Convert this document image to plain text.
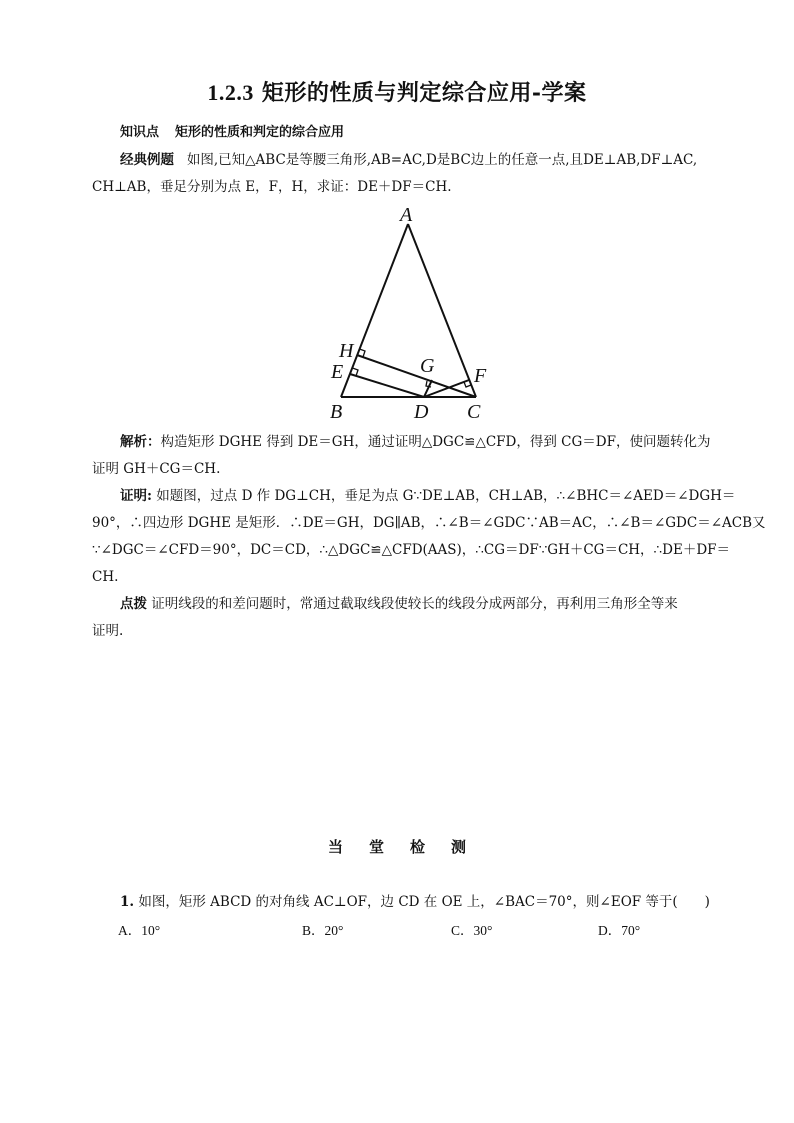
1.2.3 矩形的性质与判定综合应用-学案
知识点 矩形的性质和判定的综合应用
经典例题 如图,已知△ABC是等腰三角形,AB=AC,D是BC边上的任意一点,且DE⊥AB,DF⊥AC,
CH⊥AB，垂足分别为点 E，F，H，求证：DE＋DF＝CH.
A
H
G
E	F
B	D C
解析：构造矩形 DGHE 得到 DE＝GH，通过证明△DGC≌△CFD，得到 CG＝DF，使问题转化为
证明 GH＋CG＝CH.
证明: 如题图，过点 D 作 DG⊥CH，垂足为点 G∵DE⊥AB，CH⊥AB，∴∠BHC＝∠AED＝∠DGH＝
90°，∴四边形 DGHE 是矩形．∴DE＝GH，DG∥AB，∴∠B＝∠GDC∵AB＝AC，∴∠B＝∠GDC＝∠ACB又
∵∠DGC＝∠CFD＝90°，DC＝CD，∴△DGC≌△CFD(AAS)，∴CG＝DF∵GH＋CG＝CH，∴DE＋DF＝
CH.
点拨 证明线段的和差问题时，常通过截取线段使较长的线段分成两部分，再利用三角形全等来
证明.
当堂检测
1. 如图，矩形 ABCD 的对角线 AC⊥OF，边 CD 在 OE 上，∠BAC＝70°，则∠EOF 等于(　　)
A．10°	B．20°	C．30°	D．70°
